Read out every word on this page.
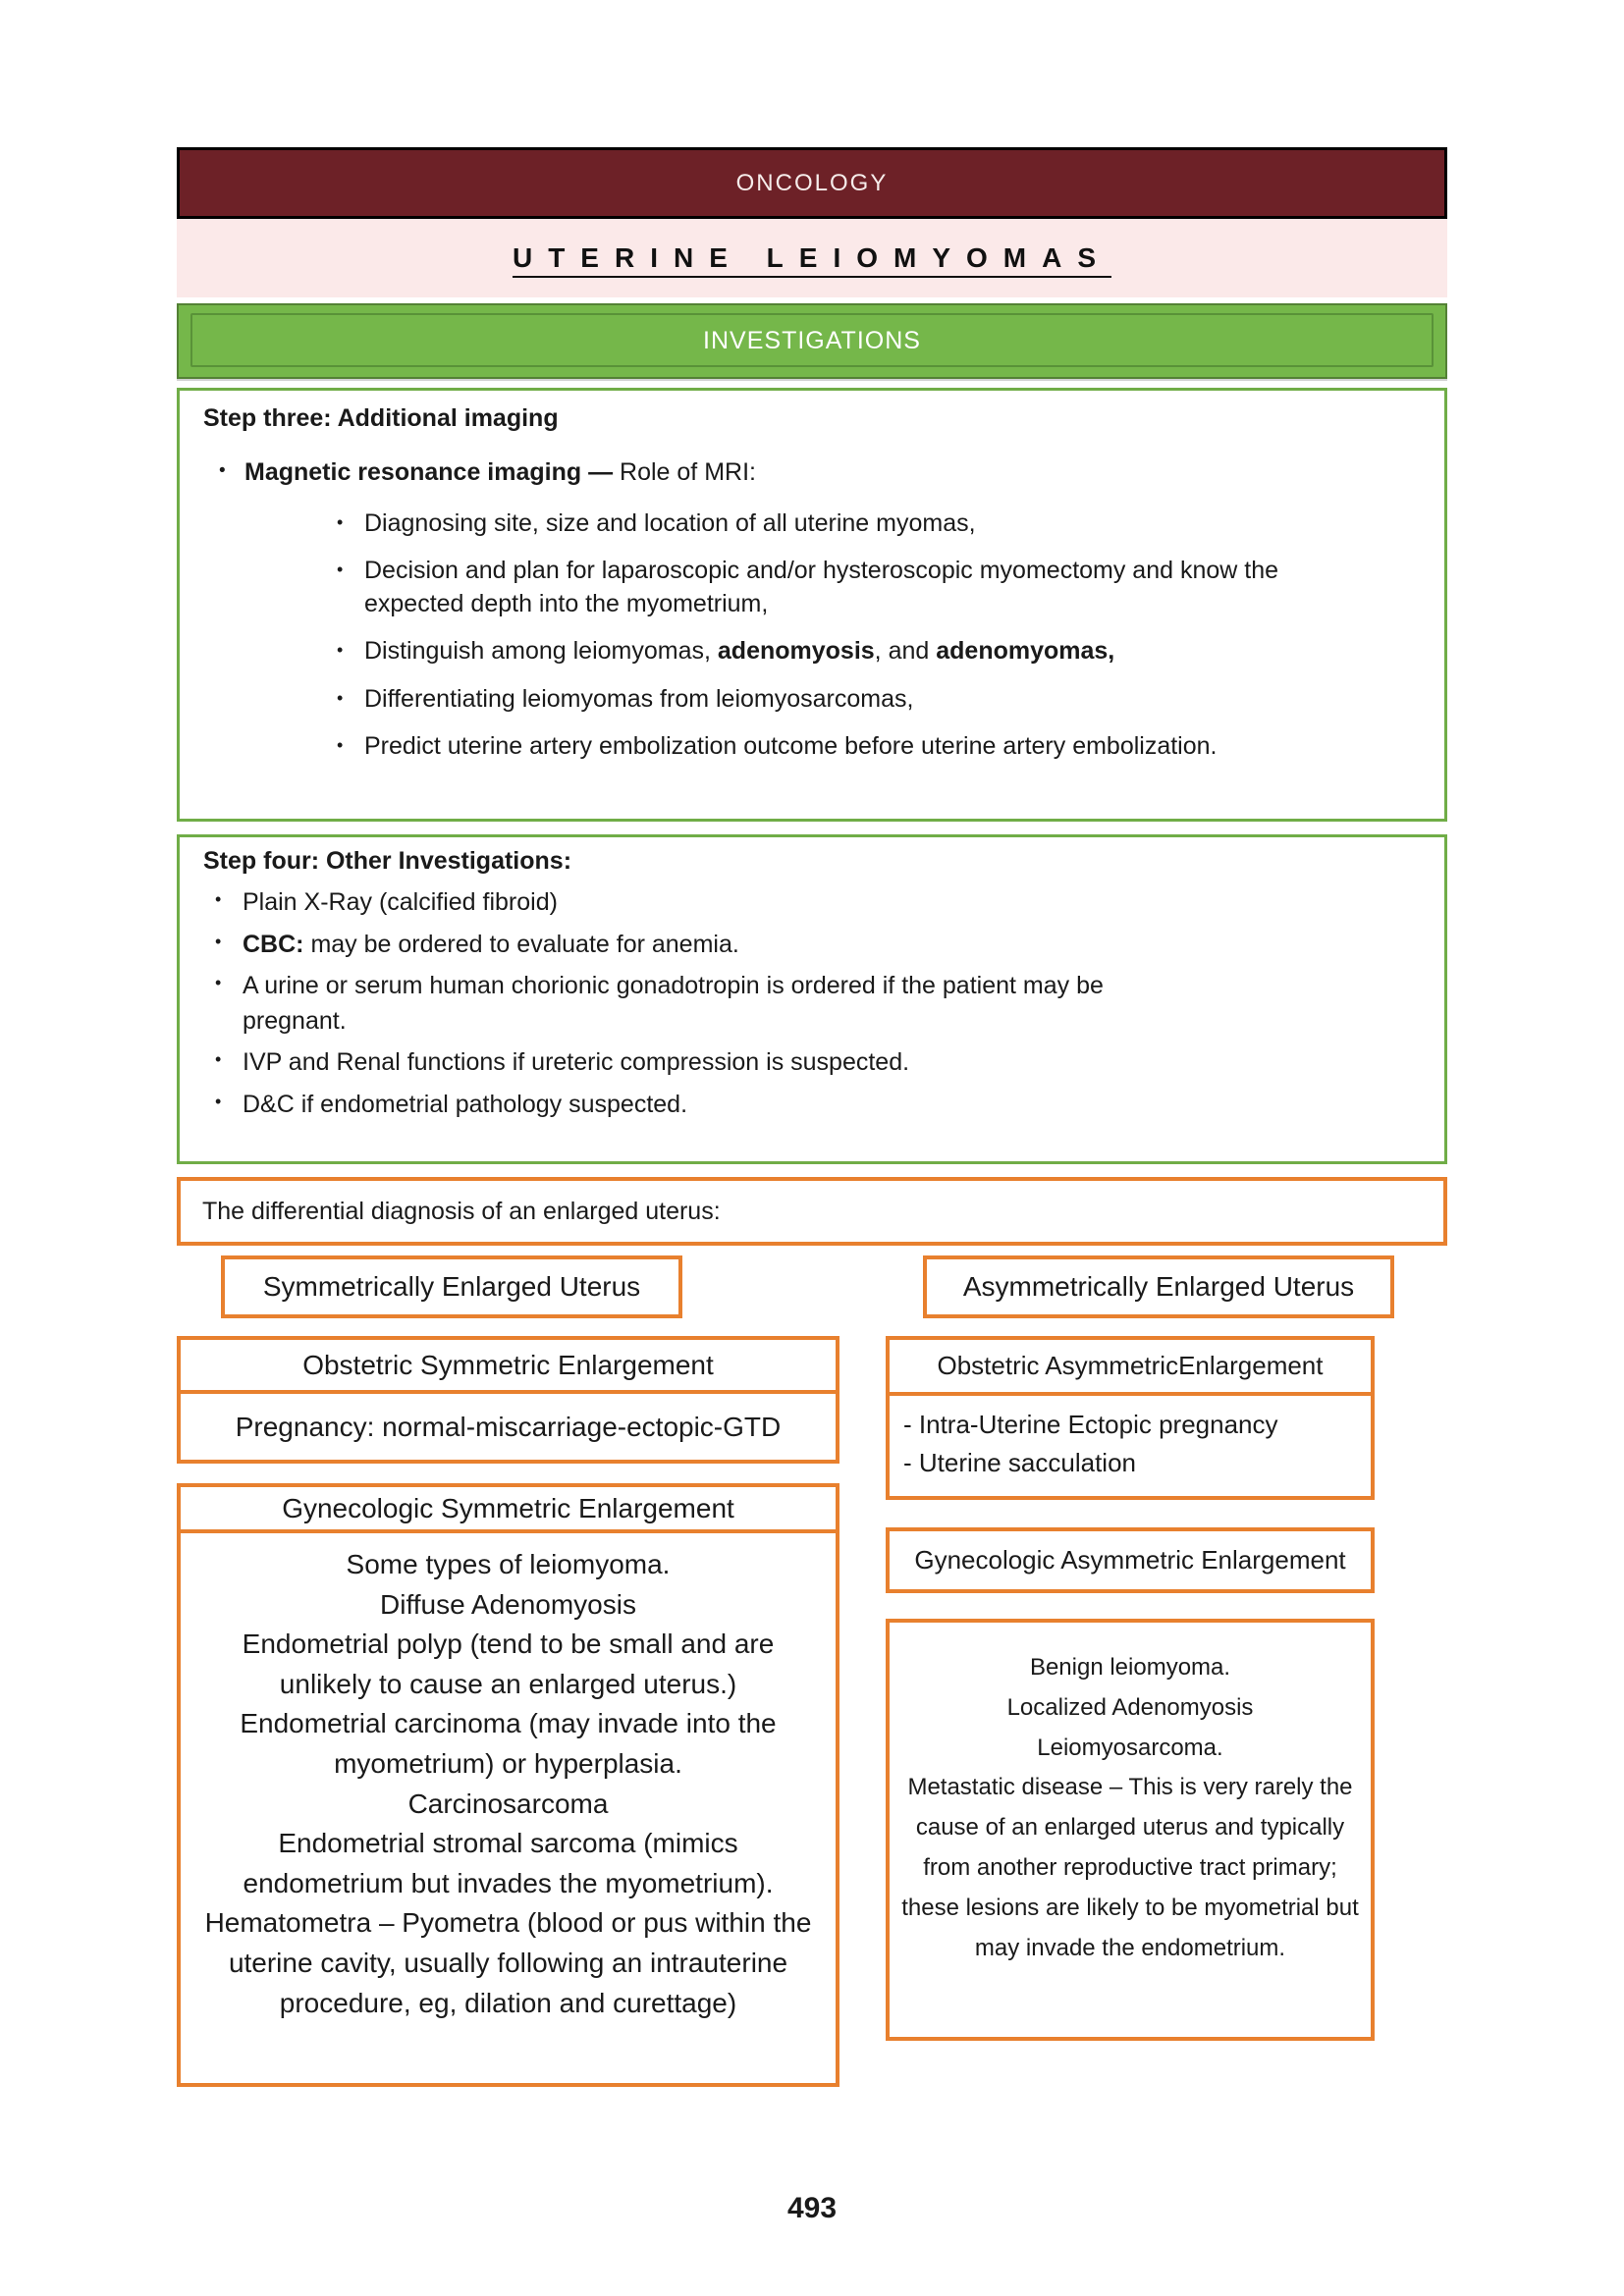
ONCOLOGY
UTERINE LEIOMYOMAS
INVESTIGATIONS
Step three: Additional imaging
• Magnetic resonance imaging — Role of MRI:
• Diagnosing site, size and location of all uterine myomas,
• Decision and plan for laparoscopic and/or hysteroscopic myomectomy and know the expected depth into the myometrium,
• Distinguish among leiomyomas, adenomyosis, and adenomyomas,
• Differentiating leiomyomas from leiomyosarcomas,
• Predict uterine artery embolization outcome before uterine artery embolization.
Step four: Other Investigations:
• Plain X-Ray (calcified fibroid)
• CBC: may be ordered to evaluate for anemia.
• A urine or serum human chorionic gonadotropin is ordered if the patient may be pregnant.
• IVP and Renal functions if ureteric compression is suspected.
• D&C if endometrial pathology suspected.
The differential diagnosis of an enlarged uterus:
Symmetrically Enlarged Uterus
Obstetric Symmetric Enlargement
Pregnancy: normal-miscarriage-ectopic-GTD
Gynecologic Symmetric Enlargement
Some types of leiomyoma.
Diffuse Adenomyosis
Endometrial polyp (tend to be small and are unlikely to cause an enlarged uterus.)
Endometrial carcinoma (may invade into the myometrium) or hyperplasia.
Carcinosarcoma
Endometrial stromal sarcoma (mimics endometrium but invades the myometrium).
Hematometra – Pyometra (blood or pus within the uterine cavity, usually following an intrauterine procedure, eg, dilation and curettage)
Asymmetrically Enlarged Uterus
Obstetric AsymmetricEnlargement
- Intra-Uterine Ectopic pregnancy
- Uterine sacculation
Gynecologic Asymmetric Enlargement
Benign leiomyoma.
Localized Adenomyosis
Leiomyosarcoma.
Metastatic disease – This is very rarely the cause of an enlarged uterus and typically from another reproductive tract primary; these lesions are likely to be myometrial but may invade the endometrium.
493
